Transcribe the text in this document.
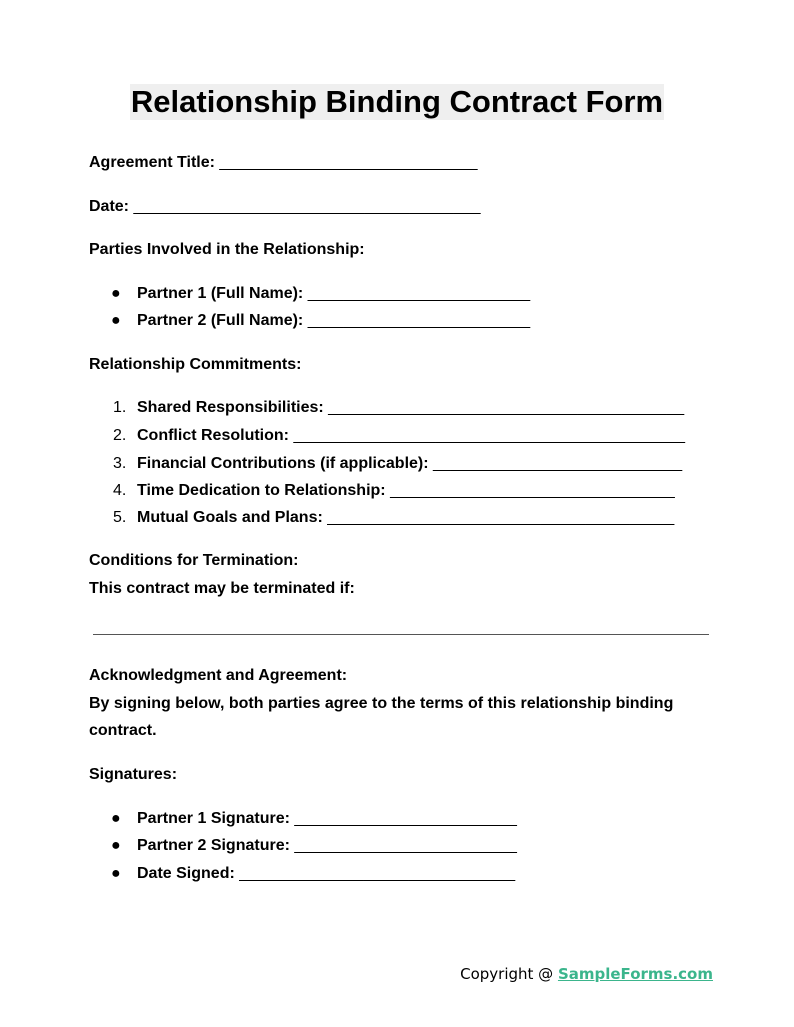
Relationship Binding Contract Form
Agreement Title: _____________________________
Date: _______________________________________
Parties Involved in the Relationship:
● Partner 1 (Full Name): _________________________
● Partner 2 (Full Name): _________________________
Relationship Commitments:
1. Shared Responsibilities: ________________________________________
2. Conflict Resolution: ____________________________________________
3. Financial Contributions (if applicable): ____________________________
4. Time Dedication to Relationship: ________________________________
5. Mutual Goals and Plans: _______________________________________
Conditions for Termination:
This contract may be terminated if:
Acknowledgment and Agreement:
By signing below, both parties agree to the terms of this relationship binding contract.
Signatures:
● Partner 1 Signature: _________________________
● Partner 2 Signature: _________________________
● Date Signed: _______________________________
Copyright @ SampleForms.com
